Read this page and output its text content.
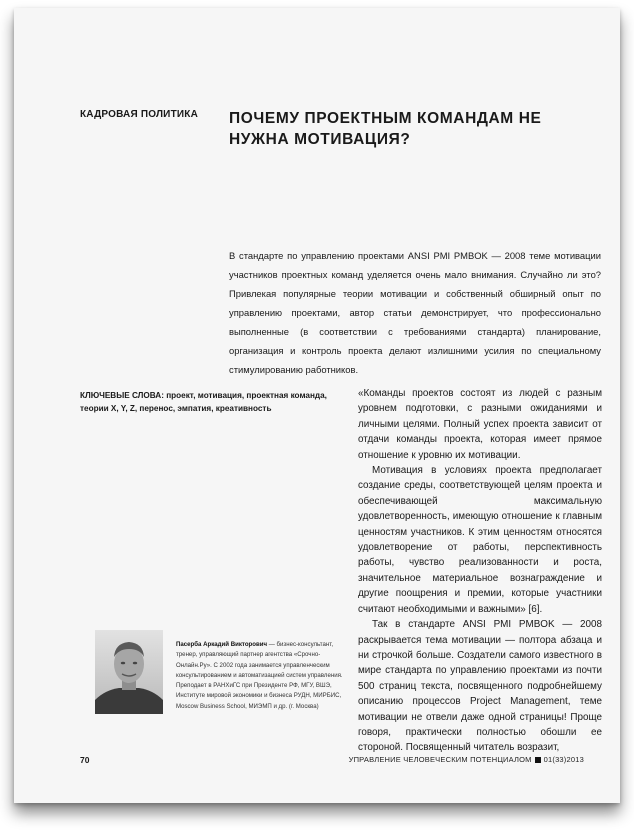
КАДРОВАЯ ПОЛИТИКА ПОЧЕМУ ПРОЕКТНЫМ КОМАНДАМ НЕ НУЖНА МОТИВАЦИЯ?
В стандарте по управлению проектами ANSI PMI PMBOK — 2008 теме мотивации участников проектных команд уделяется очень мало внимания. Случайно ли это? Привлекая популярные теории мотивации и собственный обширный опыт по управлению проектами, автор статьи демонстрирует, что профессионально выполненные (в соответствии с требованиями стандарта) планирование, организация и контроль проекта делают излишними усилия по специальному стимулированию работников.
КЛЮЧЕВЫЕ СЛОВА: проект, мотивация, проектная команда, теории X, Y, Z, перенос, эмпатия, креативность

«Команды проектов состоят из людей с разным уровнем подготовки, с разными ожиданиями и личными целями. Полный успех проекта зависит от отдачи команды проекта, которая имеет прямое отношение к уровню их мотивации.

Мотивация в условиях проекта предполагает создание среды, соответствующей целям проекта и обеспечивающей максимальную удовлетворенность, имеющую отношение к главным ценностям участников. К этим ценностям относятся удовлетворение от работы, перспективность работы, чувство реализованности и роста, значительное материальное вознаграждение и другие поощрения и премии, которые участники считают необходимыми и важными» [6].

Так в стандарте ANSI PMI PMBOK — 2008 раскрывается тема мотивации — полтора абзаца и ни строчкой больше. Создатели самого известного в мире стандарта по управлению проектами из почти 500 страниц текста, посвященного подробнейшему описанию процессов Project Management, теме мотивации не отвели даже одной страницы! Проще говоря, практически полностью обошли ее стороной. Посвященный читатель возразит,

Пасерба Аркадий Викторович — бизнес-консультант, тренер, управляющий партнер агентства «Срочно-Онлайн.Ру». С 2002 года занимается управленческим консультированием и автоматизацией систем управления. Преподает в РАНХиГС при Президенте РФ, МГУ, ВШЭ, Институте мировой экономики и бизнеса РУДН, МИРБИС, Moscow Business School, МИЭМП и др. (г. Москва)
70	УПРАВЛЕНИЕ ЧЕЛОВЕЧЕСКИМ ПОТЕНЦИАЛОМ 01(33)2013
